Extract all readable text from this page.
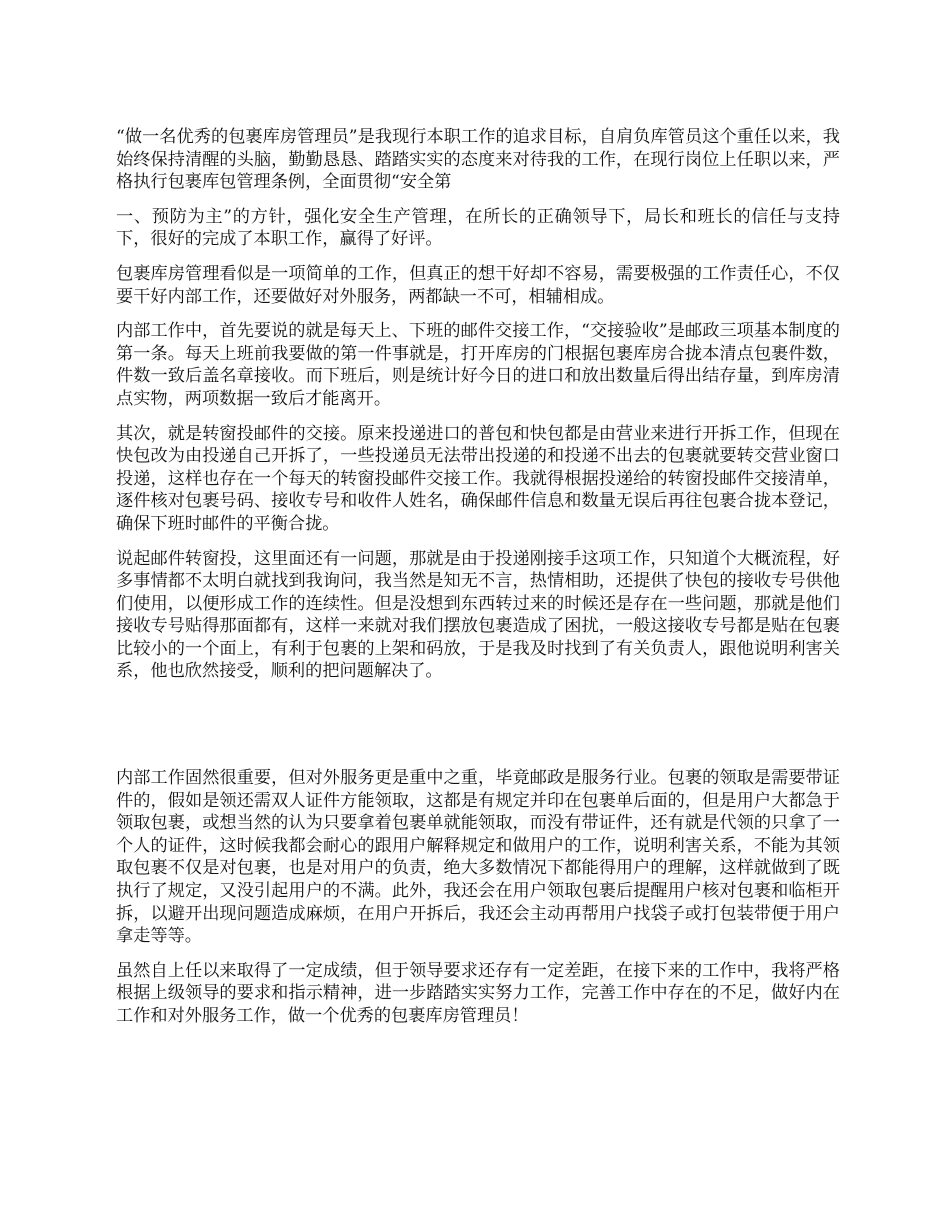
“做一名优秀的包裹库房管理员”是我现行本职工作的追求目标，自肩负库管员这个重任以来，我始终保持清醒的头脑，勤勤恳恳、踏踏实实的态度来对待我的工作，在现行岗位上任职以来，严格执行包裹库包管理条例，全面贯彻“安全第

一、预防为主”的方针，强化安全生产管理，在所长的正确领导下，局长和班长的信任与支持下，很好的完成了本职工作，赢得了好评。

包裹库房管理看似是一项简单的工作，但真正的想干好却不容易，需要极强的工作责任心，不仅要干好内部工作，还要做好对外服务，两都缺一不可，相辅相成。

内部工作中，首先要说的就是每天上、下班的邮件交接工作，“交接验收”是邮政三项基本制度的第一条。每天上班前我要做的第一件事就是，打开库房的门根据包裹库房合拢本清点包裹件数，件数一致后盖名章接收。而下班后，则是统计好今日的进口和放出数量后得出结存量，到库房清点实物，两项数据一致后才能离开。

其次，就是转窗投邮件的交接。原来投递进口的普包和快包都是由营业来进行开拆工作，但现在快包改为由投递自己开拆了，一些投递员无法带出投递的和投递不出去的包裹就要转交营业窗口投递，这样也存在一个每天的转窗投邮件交接工作。我就得根据投递给的转窗投邮件交接清单，逐件核对包裹号码、接收专号和收件人姓名，确保邮件信息和数量无误后再往包裹合拢本登记，确保下班时邮件的平衡合拢。

说起邮件转窗投，这里面还有一问题，那就是由于投递刚接手这项工作，只知道个大概流程，好多事情都不太明白就找到我询问，我当然是知无不言，热情相助，还提供了快包的接收专号供他们使用，以便形成工作的连续性。但是没想到东西转过来的时候还是存在一些问题，那就是他们接收专号贴得那面都有，这样一来就对我们摆放包裹造成了困扰，一般这接收专号都是贴在包裹比较小的一个面上，有利于包裹的上架和码放，于是我及时找到了有关负责人，跟他说明利害关系，他也欣然接受，顺利的把问题解决了。

内部工作固然很重要，但对外服务更是重中之重，毕竟邮政是服务行业。包裹的领取是需要带证件的，假如是领还需双人证件方能领取，这都是有规定并印在包裹单后面的，但是用户大都急于领取包裹，或想当然的认为只要拿着包裹单就能领取，而没有带证件，还有就是代领的只拿了一个人的证件，这时候我都会耐心的跟用户解释规定和做用户的工作，说明利害关系，不能为其领取包裹不仅是对包裹，也是对用户的负责，绝大多数情况下都能得用户的理解，这样就做到了既执行了规定，又没引起用户的不满。此外，我还会在用户领取包裹后提醒用户核对包裹和临柜开拆，以避开出现问题造成麻烦，在用户开拆后，我还会主动再帮用户找袋子或打包装带便于用户拿走等等。

虽然自上任以来取得了一定成绩，但于领导要求还存有一定差距，在接下来的工作中，我将严格根据上级领导的要求和指示精神，进一步踏踏实实努力工作，完善工作中存在的不足，做好内在工作和对外服务工作，做一个优秀的包裹库房管理员！
